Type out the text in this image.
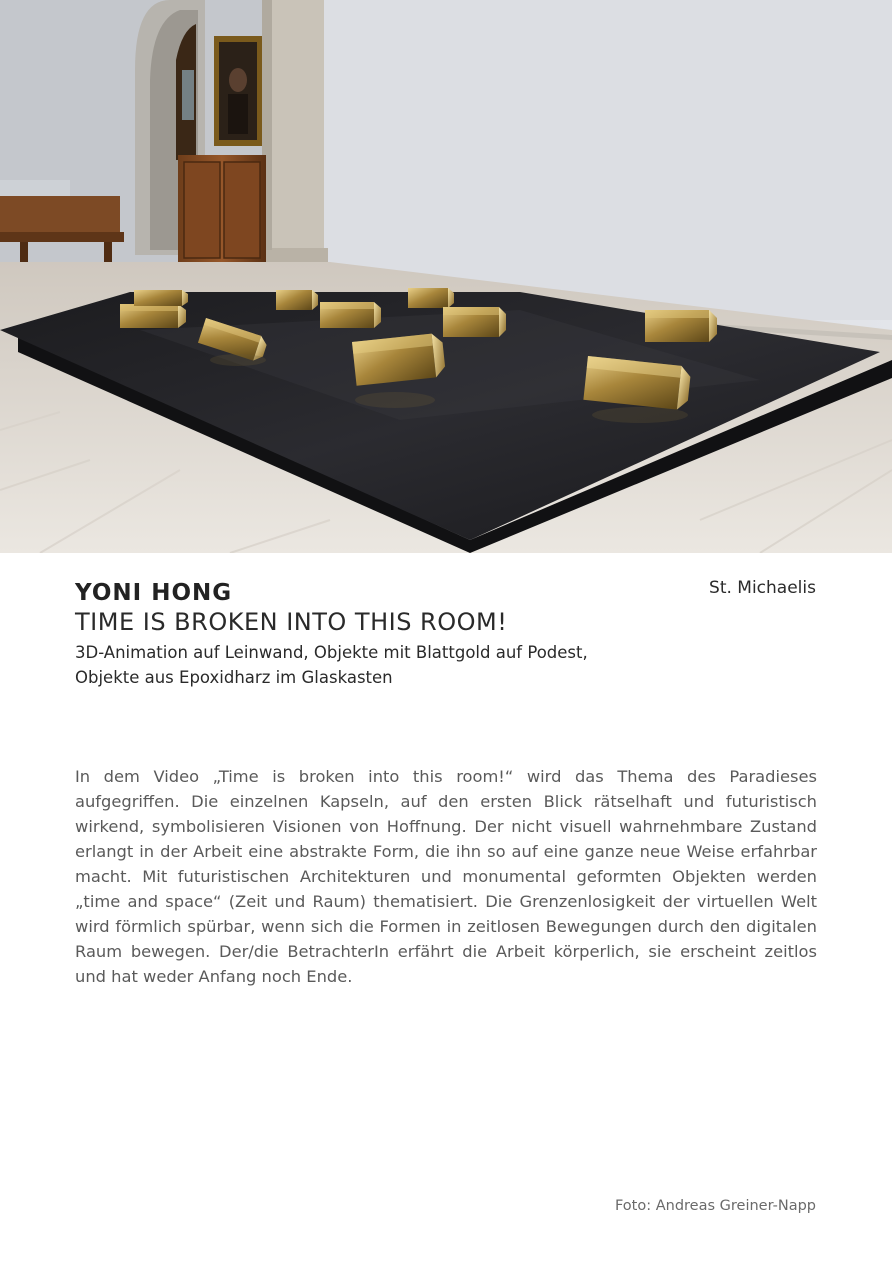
St. Michaelis
YONI HONG
TIME IS BROKEN INTO THIS ROOM!
3D-Animation auf Leinwand, Objekte mit Blattgold auf Podest,
Objekte aus Epoxidharz im Glaskasten

In dem Video „Time is broken into this room!“ wird das Thema des Paradieses aufgegriffen. Die einzelnen Kapseln, auf den ersten Blick rätselhaft und futuristisch wirkend, symbolisieren Visionen von Hoffnung. Der nicht visuell wahrnehmbare Zustand erlangt in der Arbeit eine abstrakte Form, die ihn so auf eine ganze neue Weise erfahrbar macht. Mit futuristischen Architekturen und monumental geformten Objekten werden „time and space“ (Zeit und Raum) thematisiert. Die Grenzenlosigkeit der virtuellen Welt wird förmlich spürbar, wenn sich die Formen in zeitlosen Bewegungen durch den digitalen Raum bewegen. Der/die BetrachterIn erfährt die Arbeit körperlich, sie erscheint zeitlos und hat weder Anfang noch Ende.

Foto: Andreas Greiner-Napp
